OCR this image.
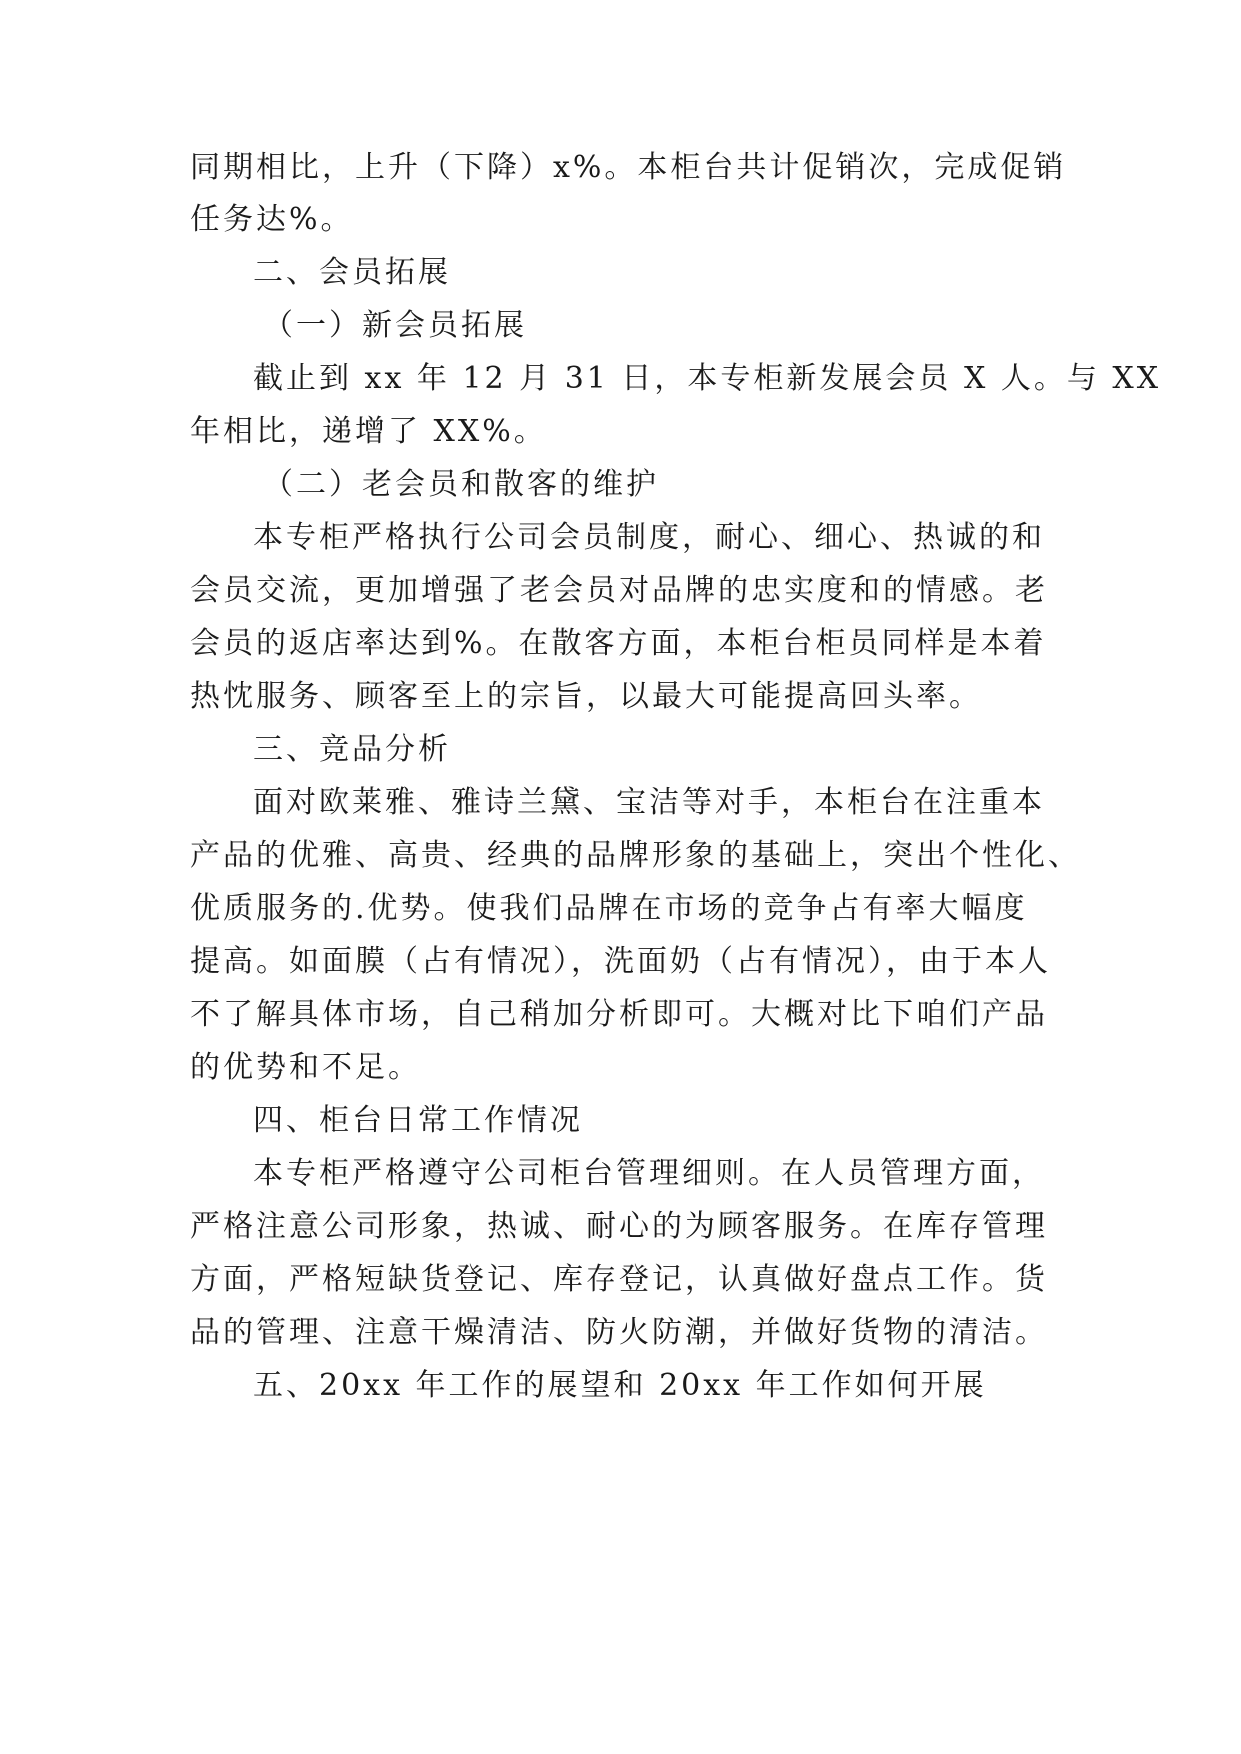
同期相比，上升（下降）x%。本柜台共计促销次，完成促销
任务达%。
二、会员拓展
（一）新会员拓展
截止到 xx 年 12 月 31 日，本专柜新发展会员 X 人。与 XX
年相比，递增了 XX%。
（二）老会员和散客的维护
本专柜严格执行公司会员制度，耐心、细心、热诚的和
会员交流，更加增强了老会员对品牌的忠实度和的情感。老
会员的返店率达到%。在散客方面，本柜台柜员同样是本着
热忱服务、顾客至上的宗旨，以最大可能提高回头率。
三、竞品分析
面对欧莱雅、雅诗兰黛、宝洁等对手，本柜台在注重本
产品的优雅、高贵、经典的品牌形象的基础上，突出个性化、
优质服务的.优势。使我们品牌在市场的竞争占有率大幅度
提高。如面膜（占有情况），洗面奶（占有情况），由于本人
不了解具体市场，自己稍加分析即可。大概对比下咱们产品
的优势和不足。
四、柜台日常工作情况
本专柜严格遵守公司柜台管理细则。在人员管理方面，
严格注意公司形象，热诚、耐心的为顾客服务。在库存管理
方面，严格短缺货登记、库存登记，认真做好盘点工作。货
品的管理、注意干燥清洁、防火防潮，并做好货物的清洁。
五、20xx 年工作的展望和 20xx 年工作如何开展
